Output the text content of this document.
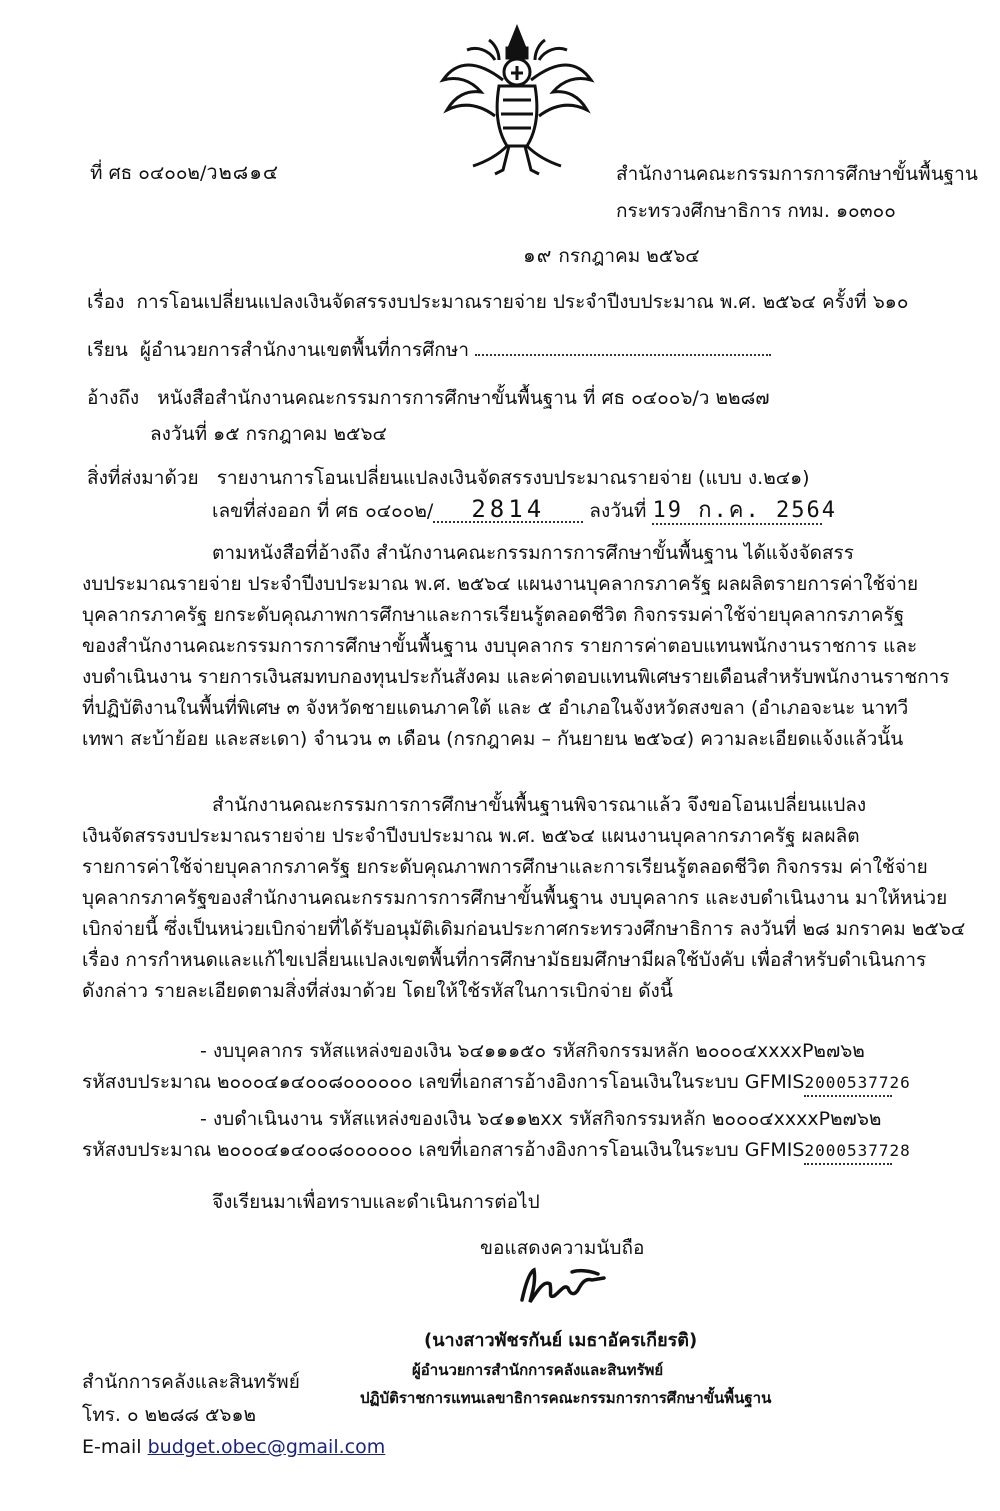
ที่ ศธ ๐๔๐๐๒/ว๒๘๑๔	สำนักงานคณะกรรมการการศึกษาขั้นพื้นฐาน
กระทรวงศึกษาธิการ กทม. ๑๐๓๐๐
๑๙ กรกฎาคม ๒๕๖๔
เรื่อง การโอนเปลี่ยนแปลงเงินจัดสรรงบประมาณรายจ่าย ประจำปีงบประมาณ พ.ศ. ๒๕๖๔ ครั้งที่ ๖๑๐
เรียน ผู้อำนวยการสำนักงานเขตพื้นที่การศึกษา
อ้างถึง หนังสือสำนักงานคณะกรรมการการศึกษาขั้นพื้นฐาน ที่ ศธ ๐๔๐๐๖/ว ๒๒๘๗
ลงวันที่ ๑๕ กรกฎาคม ๒๕๖๔
สิ่งที่ส่งมาด้วย รายงานการโอนเปลี่ยนแปลงเงินจัดสรรงบประมาณรายจ่าย (แบบ ง.๒๔๑)
เลขที่ส่งออก ที่ ศธ ๐๔๐๐๒/ 2814 ลงวันที่ 19 ก.ค. 2564

ตามหนังสือที่อ้างถึง สำนักงานคณะกรรมการการศึกษาขั้นพื้นฐาน ได้แจ้งจัดสรร

งบประมาณรายจ่าย ประจำปีงบประมาณ พ.ศ. ๒๕๖๔ แผนงานบุคลากรภาครัฐ ผลผลิตรายการค่าใช้จ่าย

บุคลากรภาครัฐ ยกระดับคุณภาพการศึกษาและการเรียนรู้ตลอดชีวิต กิจกรรมค่าใช้จ่ายบุคลากรภาครัฐ

ของสำนักงานคณะกรรมการการศึกษาขั้นพื้นฐาน งบบุคลากร รายการค่าตอบแทนพนักงานราชการ และ

งบดำเนินงาน รายการเงินสมทบกองทุนประกันสังคม และค่าตอบแทนพิเศษรายเดือนสำหรับพนักงานราชการ

ที่ปฏิบัติงานในพื้นที่พิเศษ ๓ จังหวัดชายแดนภาคใต้ และ ๕ อำเภอในจังหวัดสงขลา (อำเภอจะนะ นาทวี

เทพา สะบ้าย้อย และสะเดา) จำนวน ๓ เดือน (กรกฎาคม – กันยายน ๒๕๖๔) ความละเอียดแจ้งแล้วนั้น

สำนักงานคณะกรรมการการศึกษาขั้นพื้นฐานพิจารณาแล้ว จึงขอโอนเปลี่ยนแปลง

เงินจัดสรรงบประมาณรายจ่าย ประจำปีงบประมาณ พ.ศ. ๒๕๖๔ แผนงานบุคลากรภาครัฐ ผลผลิต

รายการค่าใช้จ่ายบุคลากรภาครัฐ ยกระดับคุณภาพการศึกษาและการเรียนรู้ตลอดชีวิต กิจกรรม ค่าใช้จ่าย

บุคลากรภาครัฐของสำนักงานคณะกรรมการการศึกษาขั้นพื้นฐาน งบบุคลากร และงบดำเนินงาน มาให้หน่วย

เบิกจ่ายนี้ ซึ่งเป็นหน่วยเบิกจ่ายที่ได้รับอนุมัติเดิมก่อนประกาศกระทรวงศึกษาธิการ ลงวันที่ ๒๘ มกราคม ๒๕๖๔

เรื่อง การกำหนดและแก้ไขเปลี่ยนแปลงเขตพื้นที่การศึกษามัธยมศึกษามีผลใช้บังคับ เพื่อสำหรับดำเนินการ

ดังกล่าว รายละเอียดตามสิ่งที่ส่งมาด้วย โดยให้ใช้รหัสในการเบิกจ่าย ดังนี้

- งบบุคลากร รหัสแหล่งของเงิน ๖๔๑๑๑๕๐ รหัสกิจกรรมหลัก ๒๐๐๐๔xxxxP๒๗๖๒
รหัสงบประมาณ ๒๐๐๐๔๑๔๐๐๘๐๐๐๐๐๐ เลขที่เอกสารอ้างอิงการโอนเงินในระบบ GFMIS2000537726
- งบดำเนินงาน รหัสแหล่งของเงิน ๖๔๑๑๒xx รหัสกิจกรรมหลัก ๒๐๐๐๔xxxxP๒๗๖๒
รหัสงบประมาณ ๒๐๐๐๔๑๔๐๐๘๐๐๐๐๐๐ เลขที่เอกสารอ้างอิงการโอนเงินในระบบ GFMIS2000537728
จึงเรียนมาเพื่อทราบและดำเนินการต่อไป
ขอแสดงความนับถือ
(นางสาวพัชรกันย์ เมธาอัครเกียรติ)
ผู้อำนวยการสำนักการคลังและสินทรัพย์
ปฏิบัติราชการแทนเลขาธิการคณะกรรมการการศึกษาขั้นพื้นฐาน
สำนักการคลังและสินทรัพย์
โทร. ๐ ๒๒๘๘ ๕๖๑๒
E-mail budget.obec@gmail.com
